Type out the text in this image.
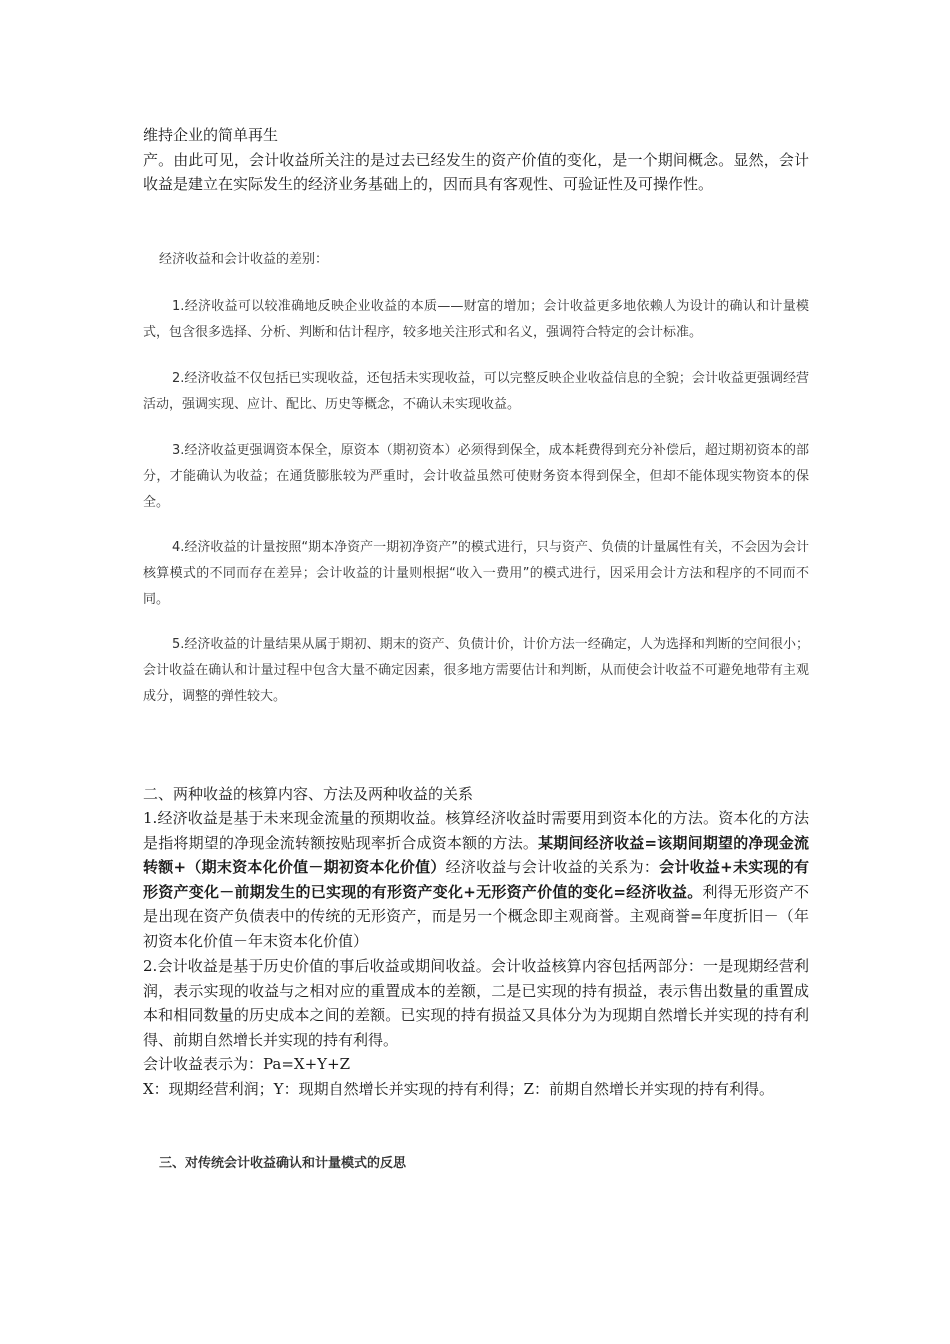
维持企业的简单再生
产。由此可见，会计收益所关注的是过去已经发生的资产价值的变化，是一个期间概念。显然，会计收益是建立在实际发生的经济业务基础上的，因而具有客观性、可验证性及可操作性。

经济收益和会计收益的差别：

1.经济收益可以较准确地反映企业收益的本质——财富的增加；会计收益更多地依赖人为设计的确认和计量模式，包含很多选择、分析、判断和估计程序，较多地关注形式和名义，强调符合特定的会计标准。

2.经济收益不仅包括已实现收益，还包括未实现收益，可以完整反映企业收益信息的全貌；会计收益更强调经营活动，强调实现、应计、配比、历史等概念，不确认未实现收益。

3.经济收益更强调资本保全，原资本（期初资本）必须得到保全，成本耗费得到充分补偿后，超过期初资本的部分，才能确认为收益；在通货膨胀较为严重时，会计收益虽然可使财务资本得到保全，但却不能体现实物资本的保全。

4.经济收益的计量按照“期本净资产一期初净资产”的模式进行，只与资产、负债的计量属性有关，不会因为会计核算模式的不同而存在差异；会计收益的计量则根据“收入一费用”的模式进行，因采用会计方法和程序的不同而不同。

5.经济收益的计量结果从属于期初、期末的资产、负债计价，计价方法一经确定，人为选择和判断的空间很小；会计收益在确认和计量过程中包含大量不确定因素，很多地方需要估计和判断，从而使会计收益不可避免地带有主观成分，调整的弹性较大。

二、两种收益的核算内容、方法及两种收益的关系

1.经济收益是基于未来现金流量的预期收益。核算经济收益时需要用到资本化的方法。资本化的方法是指将期望的净现金流转额按贴现率折合成资本额的方法。某期间经济收益=该期间期望的净现金流转额+（期末资本化价值－期初资本化价值）经济收益与会计收益的关系为：会计收益+未实现的有形资产变化－前期发生的已实现的有形资产变化+无形资产价值的变化=经济收益。利得无形资产不是出现在资产负债表中的传统的无形资产，而是另一个概念即主观商誉。主观商誉=年度折旧－（年初资本化价值－年末资本化价值）

2.会计收益是基于历史价值的事后收益或期间收益。会计收益核算内容包括两部分：一是现期经营利润，表示实现的收益与之相对应的重置成本的差额，二是已实现的持有损益，表示售出数量的重置成本和相同数量的历史成本之间的差额。已实现的持有损益又具体分为为现期自然增长并实现的持有利得、前期自然增长并实现的持有利得。

会计收益表示为：Pa=X+Y+Z

X：现期经营利润；Y：现期自然增长并实现的持有利得；Z：前期自然增长并实现的持有利得。

三、对传统会计收益确认和计量模式的反思
